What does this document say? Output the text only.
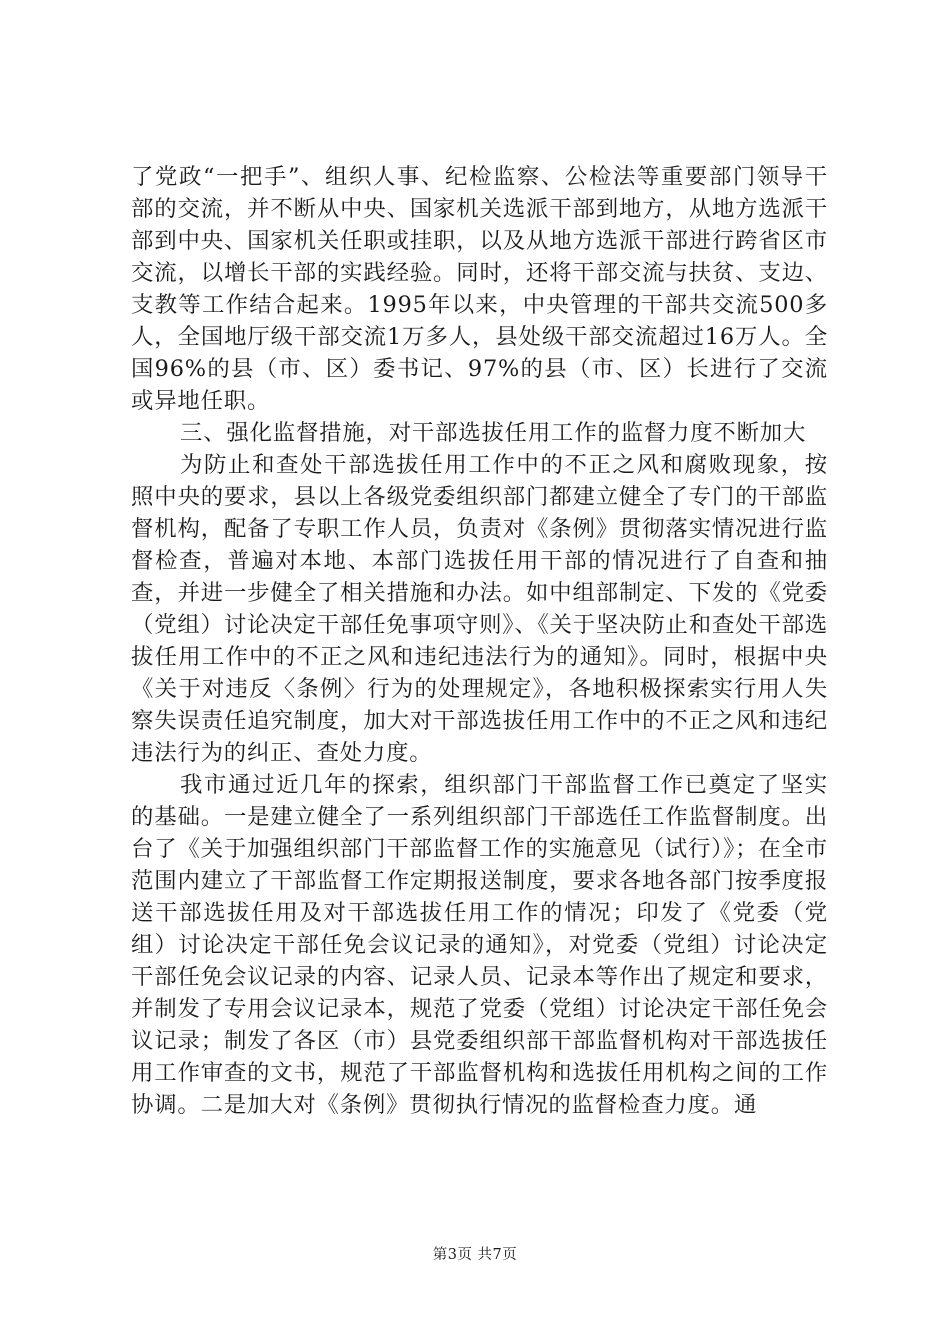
了党政“一把手”、组织人事、纪检监察、公检法等重要部门领导干部的交流，并不断从中央、国家机关选派干部到地方，从地方选派干部到中央、国家机关任职或挂职，以及从地方选派干部进行跨省区市交流，以增长干部的实践经验。同时，还将干部交流与扶贫、支边、支教等工作结合起来。1995年以来，中央管理的干部共交流500多人，全国地厅级干部交流1万多人，县处级干部交流超过16万人。全国96%的县（市、区）委书记、97%的县（市、区）长进行了交流或异地任职。

三、强化监督措施，对干部选拔任用工作的监督力度不断加大

为防止和查处干部选拔任用工作中的不正之风和腐败现象，按照中央的要求，县以上各级党委组织部门都建立健全了专门的干部监督机构，配备了专职工作人员，负责对《条例》贯彻落实情况进行监督检查，普遍对本地、本部门选拔任用干部的情况进行了自查和抽查，并进一步健全了相关措施和办法。如中组部制定、下发的《党委（党组）讨论决定干部任免事项守则》、《关于坚决防止和查处干部选拔任用工作中的不正之风和违纪违法行为的通知》。同时，根据中央《关于对违反〈条例〉行为的处理规定》，各地积极探索实行用人失察失误责任追究制度，加大对干部选拔任用工作中的不正之风和违纪违法行为的纠正、查处力度。

我市通过近几年的探索，组织部门干部监督工作已奠定了坚实的基础。一是建立健全了一系列组织部门干部选任工作监督制度。出台了《关于加强组织部门干部监督工作的实施意见（试行）》；在全市范围内建立了干部监督工作定期报送制度，要求各地各部门按季度报送干部选拔任用及对干部选拔任用工作的情况；印发了《党委（党组）讨论决定干部任免会议记录的通知》，对党委（党组）讨论决定干部任免会议记录的内容、记录人员、记录本等作出了规定和要求，并制发了专用会议记录本，规范了党委（党组）讨论决定干部任免会议记录；制发了各区（市）县党委组织部干部监督机构对干部选拔任用工作审查的文书，规范了干部监督机构和选拔任用机构之间的工作协调。二是加大对《条例》贯彻执行情况的监督检查力度。通

第3页 共7页
